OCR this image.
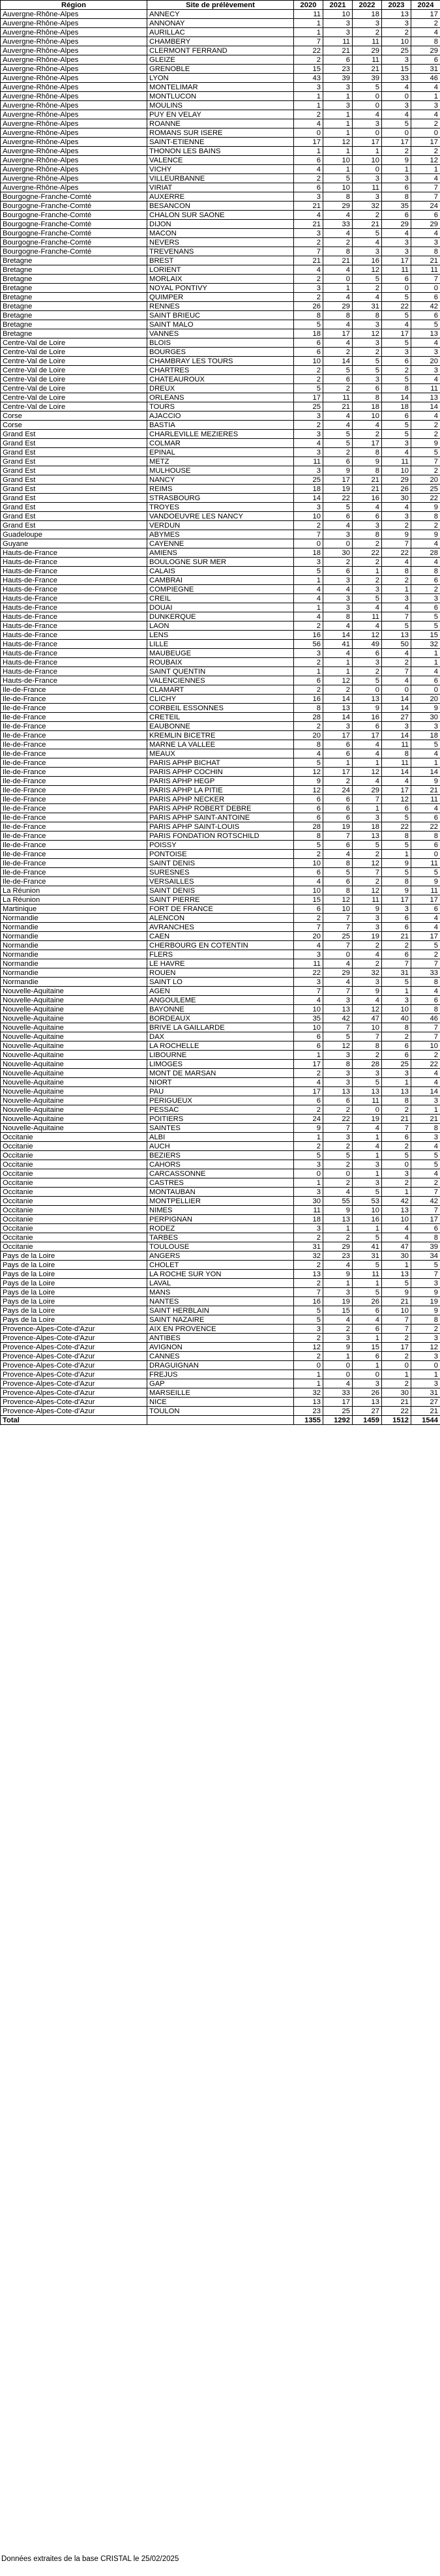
Région	Site de prélèvement	2020	2021	2022	2023	2024
Auvergne-Rhône-Alpes	ANNECY	11	10	18	13	17
Auvergne-Rhône-Alpes	ANNONAY	1	3	3	3	2
Auvergne-Rhône-Alpes	AURILLAC	1	3	2	2	4
Auvergne-Rhône-Alpes	CHAMBERY	7	11	11	10	8
Auvergne-Rhône-Alpes	CLERMONT FERRAND	22	21	29	25	29
Auvergne-Rhône-Alpes	GLEIZE	2	6	11	3	6
Auvergne-Rhône-Alpes	GRENOBLE	15	23	21	15	31
Auvergne-Rhône-Alpes	LYON	43	39	39	33	46
Auvergne-Rhône-Alpes	MONTELIMAR	3	3	5	4	4
Auvergne-Rhône-Alpes	MONTLUCON	1	1	0	0	1
Auvergne-Rhône-Alpes	MOULINS	1	3	0	3	3
Auvergne-Rhône-Alpes	PUY EN VELAY	2	1	4	4	4
Auvergne-Rhône-Alpes	ROANNE	4	1	3	5	2
Auvergne-Rhône-Alpes	ROMANS SUR ISERE	0	1	0	0	0
Auvergne-Rhône-Alpes	SAINT-ETIENNE	17	12	17	17	17
Auvergne-Rhône-Alpes	THONON LES BAINS	1	1	1	2	2
Auvergne-Rhône-Alpes	VALENCE	6	10	10	9	12
Auvergne-Rhône-Alpes	VICHY	4	1	0	1	1
Auvergne-Rhône-Alpes	VILLEURBANNE	2	5	3	3	4
Auvergne-Rhône-Alpes	VIRIAT	6	10	11	6	7
Bourgogne-Franche-Comté	AUXERRE	3	8	3	8	7
Bourgogne-Franche-Comté	BESANCON	21	29	32	35	24
Bourgogne-Franche-Comté	CHALON SUR SAONE	4	4	2	6	6
Bourgogne-Franche-Comté	DIJON	21	33	21	29	29
Bourgogne-Franche-Comté	MACON	3	4	5	4	4
Bourgogne-Franche-Comté	NEVERS	2	2	4	3	3
Bourgogne-Franche-Comté	TREVENANS	7	8	3	3	8
Bretagne	BREST	21	21	16	17	21
Bretagne	LORIENT	4	4	12	11	11
Bretagne	MORLAIX	2	0	5	6	7
Bretagne	NOYAL PONTIVY	3	1	2	0	0
Bretagne	QUIMPER	2	4	4	5	6
Bretagne	RENNES	26	29	31	22	42
Bretagne	SAINT BRIEUC	8	8	8	5	6
Bretagne	SAINT MALO	5	4	3	4	5
Bretagne	VANNES	18	17	12	17	13
Centre-Val de Loire	BLOIS	6	4	3	5	4
Centre-Val de Loire	BOURGES	6	2	2	3	3
Centre-Val de Loire	CHAMBRAY LES TOURS	10	14	5	6	20
Centre-Val de Loire	CHARTRES	2	5	5	2	3
Centre-Val de Loire	CHATEAUROUX	2	6	3	5	4
Centre-Val de Loire	DREUX	5	2	6	8	11
Centre-Val de Loire	ORLEANS	17	11	8	14	13
Centre-Val de Loire	TOURS	25	21	18	18	14
Corse	AJACCIO	3	4	10	6	4
Corse	BASTIA	2	4	4	5	2
Grand Est	CHARLEVILLE MEZIERES	3	5	2	5	2
Grand Est	COLMAR	4	5	17	3	9
Grand Est	EPINAL	3	2	8	4	5
Grand Est	METZ	11	6	9	11	7
Grand Est	MULHOUSE	3	9	8	10	2
Grand Est	NANCY	25	17	21	29	20
Grand Est	REIMS	18	19	21	26	25
Grand Est	STRASBOURG	14	22	16	30	22
Grand Est	TROYES	3	5	4	4	9
Grand Est	VANDOEUVRE LES NANCY	10	6	6	3	8
Grand Est	VERDUN	2	4	3	2	2
Guadeloupe	ABYMES	7	3	8	9	9
Guyane	CAYENNE	0	0	2	7	4
Hauts-de-France	AMIENS	18	30	22	22	28
Hauts-de-France	BOULOGNE SUR MER	3	2	2	4	4
Hauts-de-France	CALAIS	5	6	1	8	8
Hauts-de-France	CAMBRAI	1	3	2	2	6
Hauts-de-France	COMPIEGNE	4	4	3	1	2
Hauts-de-France	CREIL	4	3	5	3	3
Hauts-de-France	DOUAI	1	3	4	4	6
Hauts-de-France	DUNKERQUE	4	8	11	7	5
Hauts-de-France	LAON	2	4	4	5	5
Hauts-de-France	LENS	16	14	12	13	15
Hauts-de-France	LILLE	56	41	49	50	32
Hauts-de-France	MAUBEUGE	3	4	6	4	1
Hauts-de-France	ROUBAIX	2	1	3	2	1
Hauts-de-France	SAINT QUENTIN	1	1	2	7	4
Hauts-de-France	VALENCIENNES	6	12	5	4	6
Ile-de-France	CLAMART	2	2	0	0	0
Ile-de-France	CLICHY	16	14	13	14	20
Ile-de-France	CORBEIL ESSONNES	8	13	9	14	9
Ile-de-France	CRETEIL	28	14	16	27	30
Ile-de-France	EAUBONNE	2	3	6	3	3
Ile-de-France	KREMLIN BICETRE	20	17	17	14	18
Ile-de-France	MARNE LA VALLEE	8	6	4	11	5
Ile-de-France	MEAUX	4	6	4	8	4
Ile-de-France	PARIS APHP BICHAT	5	1	1	11	1
Ile-de-France	PARIS APHP COCHIN	12	17	12	14	14
Ile-de-France	PARIS APHP HEGP	9	2	4	4	9
Ile-de-France	PARIS APHP LA PITIE	12	24	29	17	21
Ile-de-France	PARIS APHP NECKER	6	6	7	12	11
Ile-de-France	PARIS APHP ROBERT DEBRE	6	6	1	6	4
Ile-de-France	PARIS APHP SAINT-ANTOINE	6	6	3	5	6
Ile-de-France	PARIS APHP SAINT-LOUIS	28	19	18	22	22
Ile-de-France	PARIS FONDATION ROTSCHILD	8	7	13	8	8
Ile-de-France	POISSY	5	6	5	5	6
Ile-de-France	PONTOISE	2	4	2	1	0
Ile-de-France	SAINT DENIS	10	8	12	9	11
Ile-de-France	SURESNES	6	5	7	5	5
Ile-de-France	VERSAILLES	4	6	2	8	9
La Réunion	SAINT DENIS	10	8	12	9	11
La Réunion	SAINT PIERRE	15	12	11	17	17
Martinique	FORT DE FRANCE	6	10	9	3	6
Normandie	ALENCON	2	7	3	6	4
Normandie	AVRANCHES	7	7	3	6	4
Normandie	CAEN	20	25	19	21	17
Normandie	CHERBOURG EN COTENTIN	4	7	2	2	5
Normandie	FLERS	3	0	4	6	2
Normandie	LE HAVRE	11	4	2	7	7
Normandie	ROUEN	22	29	32	31	33
Normandie	SAINT LO	3	4	3	5	8
Nouvelle-Aquitaine	AGEN	7	7	9	1	4
Nouvelle-Aquitaine	ANGOULEME	4	3	4	3	6
Nouvelle-Aquitaine	BAYONNE	10	13	12	10	8
Nouvelle-Aquitaine	BORDEAUX	35	42	47	40	46
Nouvelle-Aquitaine	BRIVE LA GAILLARDE	10	7	10	8	7
Nouvelle-Aquitaine	DAX	6	5	7	2	7
Nouvelle-Aquitaine	LA ROCHELLE	6	12	8	6	10
Nouvelle-Aquitaine	LIBOURNE	1	3	2	6	2
Nouvelle-Aquitaine	LIMOGES	17	8	28	25	22
Nouvelle-Aquitaine	MONT DE MARSAN	2	3	3	3	4
Nouvelle-Aquitaine	NIORT	4	3	5	1	4
Nouvelle-Aquitaine	PAU	17	13	13	13	14
Nouvelle-Aquitaine	PERIGUEUX	6	6	11	8	3
Nouvelle-Aquitaine	PESSAC	2	2	0	2	1
Nouvelle-Aquitaine	POITIERS	24	22	19	21	21
Nouvelle-Aquitaine	SAINTES	9	7	4	7	8
Occitanie	ALBI	1	3	1	6	3
Occitanie	AUCH	2	2	4	2	4
Occitanie	BEZIERS	5	5	1	5	5
Occitanie	CAHORS	3	2	3	0	5
Occitanie	CARCASSONNE	0	0	1	3	4
Occitanie	CASTRES	1	2	3	2	2
Occitanie	MONTAUBAN	3	4	5	1	7
Occitanie	MONTPELLIER	30	55	53	42	42
Occitanie	NIMES	11	9	10	13	7
Occitanie	PERPIGNAN	18	13	16	10	17
Occitanie	RODEZ	3	1	1	4	6
Occitanie	TARBES	2	2	5	4	8
Occitanie	TOULOUSE	31	29	41	47	39
Pays de la Loire	ANGERS	32	23	31	30	34
Pays de la Loire	CHOLET	2	4	5	1	5
Pays de la Loire	LA ROCHE SUR YON	13	9	11	13	7
Pays de la Loire	LAVAL	2	1	1	5	3
Pays de la Loire	MANS	7	3	5	9	9
Pays de la Loire	NANTES	16	19	26	21	19
Pays de la Loire	SAINT HERBLAIN	5	15	6	10	9
Pays de la Loire	SAINT NAZAIRE	5	4	4	7	8
Provence-Alpes-Cote-d'Azur	AIX EN PROVENCE	3	2	6	7	2
Provence-Alpes-Cote-d'Azur	ANTIBES	2	3	1	2	3
Provence-Alpes-Cote-d'Azur	AVIGNON	12	9	15	17	12
Provence-Alpes-Cote-d'Azur	CANNES	2	1	6	2	3
Provence-Alpes-Cote-d'Azur	DRAGUIGNAN	0	0	1	0	0
Provence-Alpes-Cote-d'Azur	FREJUS	1	0	0	1	1
Provence-Alpes-Cote-d'Azur	GAP	1	4	3	2	3
Provence-Alpes-Cote-d'Azur	MARSEILLE	32	33	26	30	31
Provence-Alpes-Cote-d'Azur	NICE	13	17	13	21	27
Provence-Alpes-Cote-d'Azur	TOULON	23	25	27	22	21
Total		1355	1292	1459	1512	1544
Données extraites de la base CRISTAL le 25/02/2025
